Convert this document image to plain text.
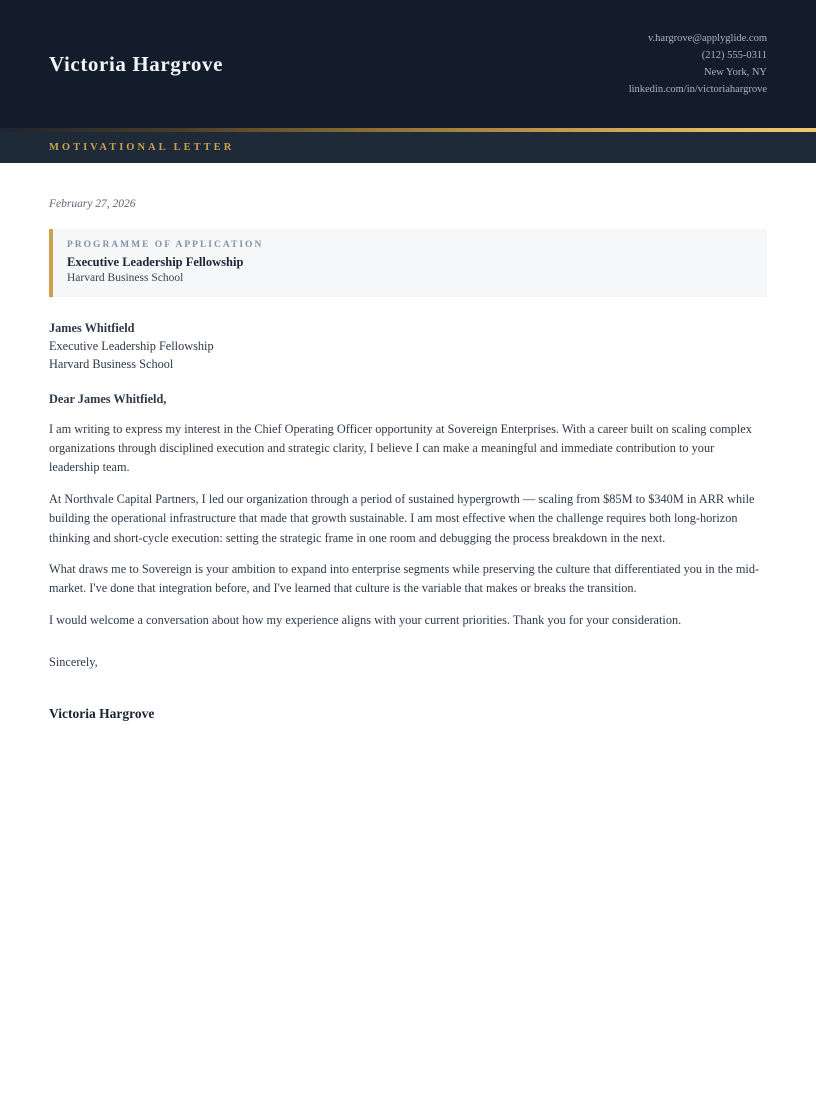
Victoria Hargrove
v.hargrove@applyglide.com
(212) 555-0311
New York, NY
linkedin.com/in/victoriahargrove
MOTIVATIONAL LETTER
February 27, 2026
PROGRAMME OF APPLICATION
Executive Leadership Fellowship
Harvard Business School
James Whitfield
Executive Leadership Fellowship
Harvard Business School
Dear James Whitfield,

I am writing to express my interest in the Chief Operating Officer opportunity at Sovereign Enterprises. With a career built on scaling complex organizations through disciplined execution and strategic clarity, I believe I can make a meaningful and immediate contribution to your leadership team.

At Northvale Capital Partners, I led our organization through a period of sustained hypergrowth — scaling from $85M to $340M in ARR while building the operational infrastructure that made that growth sustainable. I am most effective when the challenge requires both long-horizon thinking and short-cycle execution: setting the strategic frame in one room and debugging the process breakdown in the next.

What draws me to Sovereign is your ambition to expand into enterprise segments while preserving the culture that differentiated you in the mid-market. I've done that integration before, and I've learned that culture is the variable that makes or breaks the transition.

I would welcome a conversation about how my experience aligns with your current priorities. Thank you for your consideration.

Sincerely,
Victoria Hargrove
